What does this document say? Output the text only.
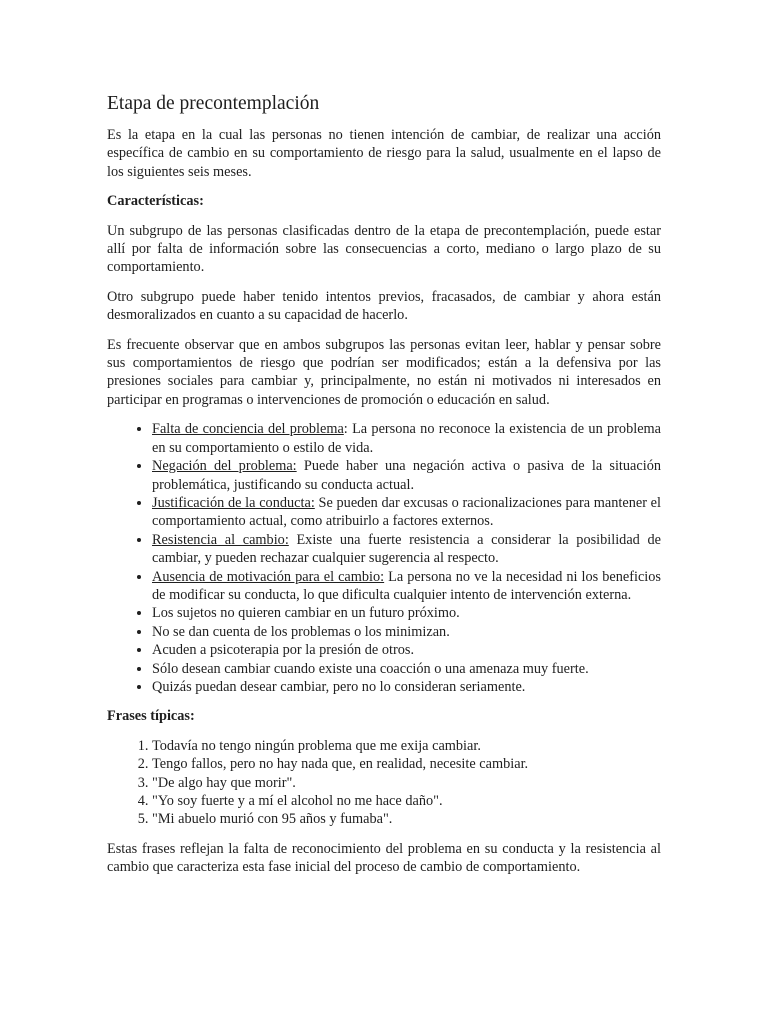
Etapa de precontemplación

Es la etapa en la cual las personas no tienen intención de cambiar, de realizar una acción específica de cambio en su comportamiento de riesgo para la salud, usualmente en el lapso de los siguientes seis meses.

Características:

Un subgrupo de las personas clasificadas dentro de la etapa de precontemplación, puede estar allí por falta de información sobre las consecuencias a corto, mediano o largo plazo de su comportamiento.

Otro subgrupo puede haber tenido intentos previos, fracasados, de cambiar y ahora están desmoralizados en cuanto a su capacidad de hacerlo.

Es frecuente observar que en ambos subgrupos las personas evitan leer, hablar y pensar sobre sus comportamientos de riesgo que podrían ser modificados; están a la defensiva por las presiones sociales para cambiar y, principalmente, no están ni motivados ni interesados en participar en programas o intervenciones de promoción o educación en salud.

• Falta de conciencia del problema: La persona no reconoce la existencia de un problema en su comportamiento o estilo de vida.
• Negación del problema: Puede haber una negación activa o pasiva de la situación problemática, justificando su conducta actual.
• Justificación de la conducta: Se pueden dar excusas o racionalizaciones para mantener el comportamiento actual, como atribuirlo a factores externos.
• Resistencia al cambio: Existe una fuerte resistencia a considerar la posibilidad de cambiar, y pueden rechazar cualquier sugerencia al respecto.
• Ausencia de motivación para el cambio: La persona no ve la necesidad ni los beneficios de modificar su conducta, lo que dificulta cualquier intento de intervención externa.
• Los sujetos no quieren cambiar en un futuro próximo.
• No se dan cuenta de los problemas o los minimizan.
• Acuden a psicoterapia por la presión de otros.
• Sólo desean cambiar cuando existe una coacción o una amenaza muy fuerte.
• Quizás puedan desear cambiar, pero no lo consideran seriamente.

Frases típicas:

1. Todavía no tengo ningún problema que me exija cambiar.
2. Tengo fallos, pero no hay nada que, en realidad, necesite cambiar.
3. "De algo hay que morir".
4. "Yo soy fuerte y a mí el alcohol no me hace daño".
5. "Mi abuelo murió con 95 años y fumaba".

Estas frases reflejan la falta de reconocimiento del problema en su conducta y la resistencia al cambio que caracteriza esta fase inicial del proceso de cambio de comportamiento.
